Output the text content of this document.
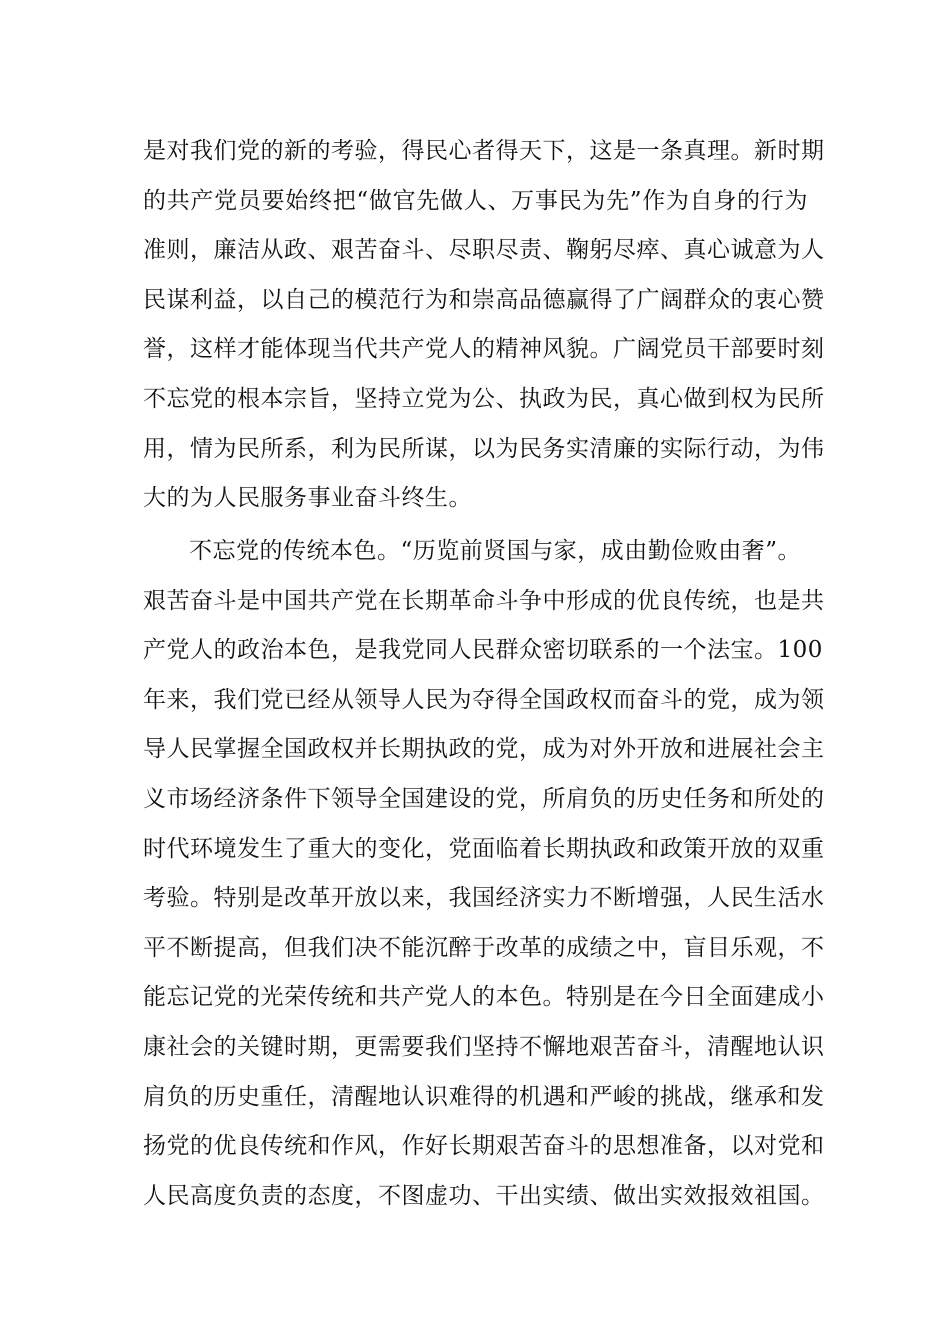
是对我们党的新的考验，得民心者得天下，这是一条真理。新时期
的共产党员要始终把“做官先做人、万事民为先”作为自身的行为
准则，廉洁从政、艰苦奋斗、尽职尽责、鞠躬尽瘁、真心诚意为人
民谋利益，以自己的模范行为和崇高品德赢得了广阔群众的衷心赞
誉，这样才能体现当代共产党人的精神风貌。广阔党员干部要时刻
不忘党的根本宗旨，坚持立党为公、执政为民，真心做到权为民所
用，情为民所系，利为民所谋，以为民务实清廉的实际行动，为伟
大的为人民服务事业奋斗终生。
不忘党的传统本色。“历览前贤国与家，成由勤俭败由奢”。
艰苦奋斗是中国共产党在长期革命斗争中形成的优良传统，也是共
产党人的政治本色，是我党同人民群众密切联系的一个法宝。100
年来，我们党已经从领导人民为夺得全国政权而奋斗的党，成为领
导人民掌握全国政权并长期执政的党，成为对外开放和进展社会主
义市场经济条件下领导全国建设的党，所肩负的历史任务和所处的
时代环境发生了重大的变化，党面临着长期执政和政策开放的双重
考验。特别是改革开放以来，我国经济实力不断增强，人民生活水
平不断提高，但我们决不能沉醉于改革的成绩之中，盲目乐观，不
能忘记党的光荣传统和共产党人的本色。特别是在今日全面建成小
康社会的关键时期，更需要我们坚持不懈地艰苦奋斗，清醒地认识
肩负的历史重任，清醒地认识难得的机遇和严峻的挑战，继承和发
扬党的优良传统和作风，作好长期艰苦奋斗的思想准备，以对党和
人民高度负责的态度，不图虚功、干出实绩、做出实效报效祖国。
